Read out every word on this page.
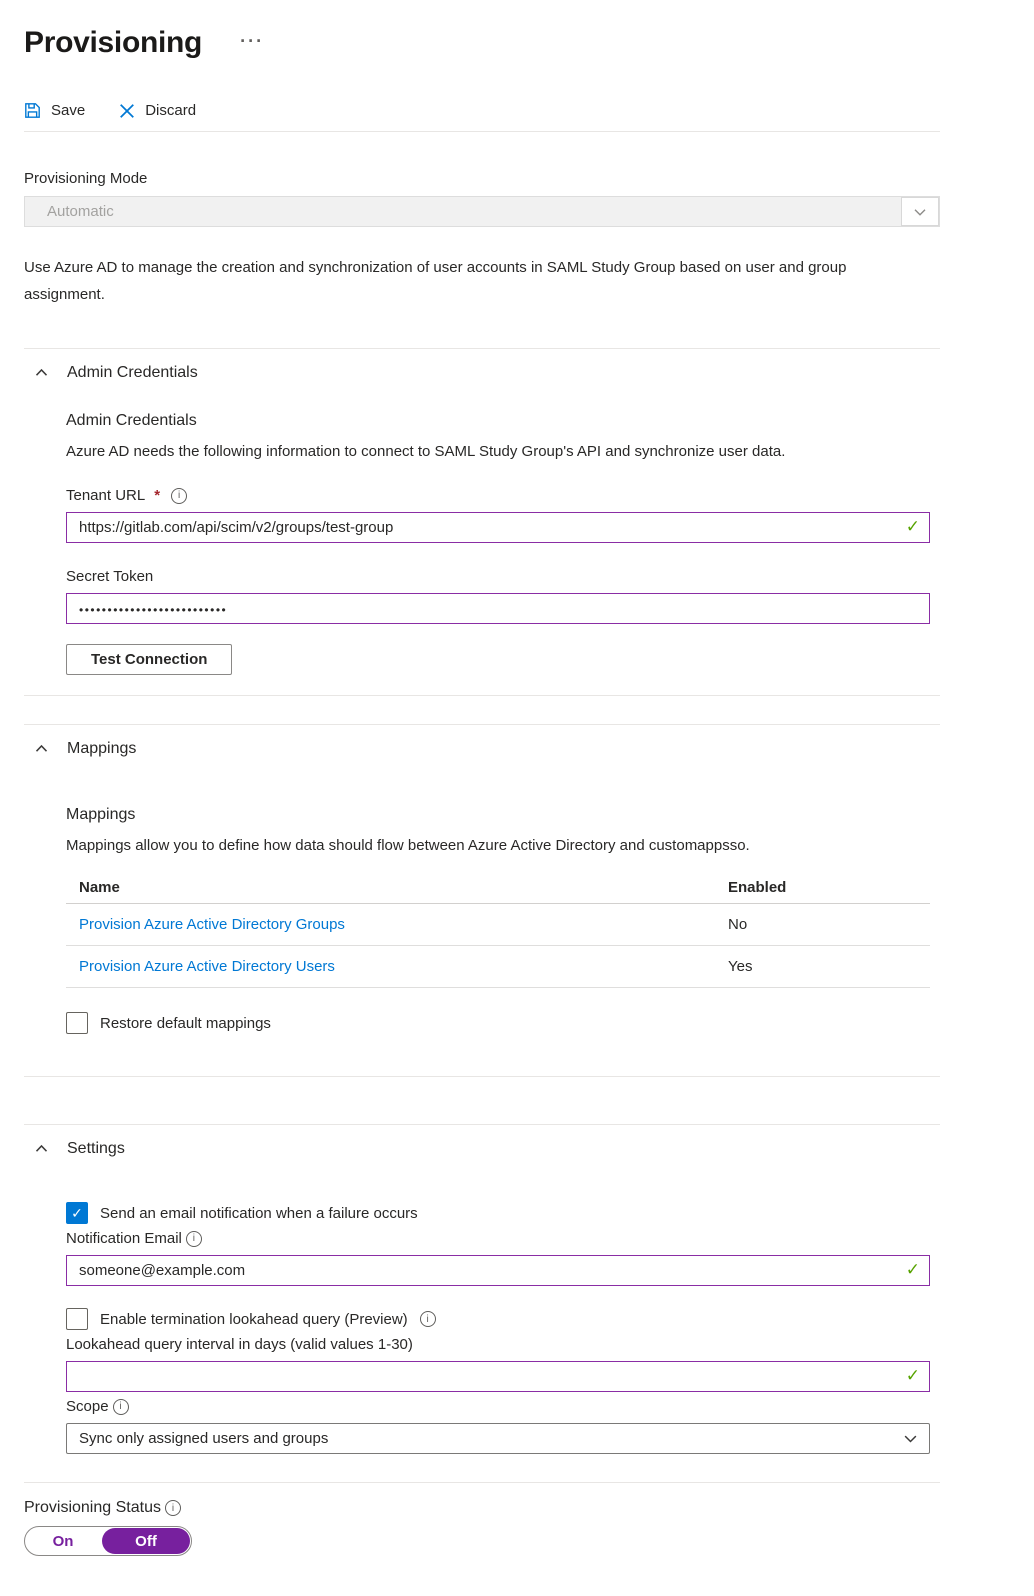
Provisioning ···
Save	Discard
Provisioning Mode
Automatic

Use Azure AD to manage the creation and synchronization of user accounts in SAML Study Group based on user and group assignment.

Admin Credentials
Admin Credentials

Azure AD needs the following information to connect to SAML Study Group's API and synchronize user data.

Tenant URL *	i
https://gitlab.com/api/scim/v2/groups/test-group
✓
Secret Token
••••••••••••••••••••••••••
Test Connection
Mappings
Mappings

Mappings allow you to define how data should flow between Azure Active Directory and customappsso.

Name	Enabled
Provision Azure Active Directory Groups	No
Provision Azure Active Directory Users	Yes
Restore default mappings
Settings
✓ Send an email notification when a failure occurs
Notification Email	i
someone@example.com
✓
Enable termination lookahead query (Preview)	i
Lookahead query interval in days (valid values 1-30)
✓
Scope	i
Sync only assigned users and groups
Provisioning Status	i
On	Off
